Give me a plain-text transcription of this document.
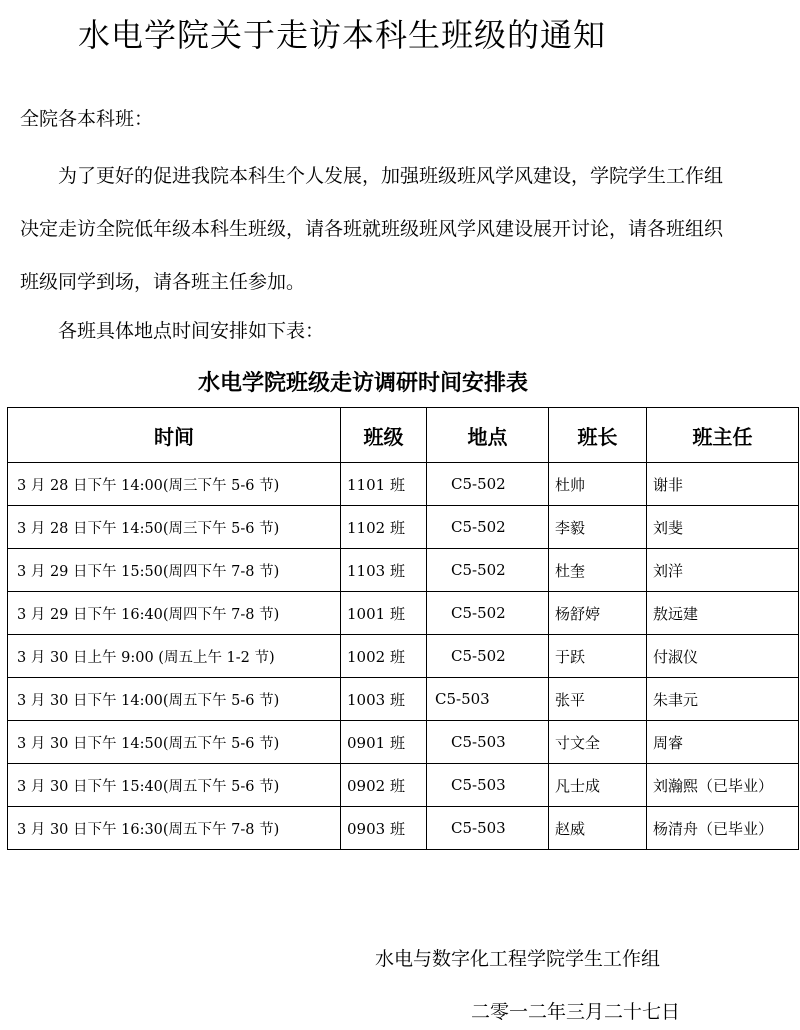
水电学院关于走访本科生班级的通知
全院各本科班：

为了更好的促进我院本科生个人发展，加强班级班风学风建设，学院学生工作组决定走访全院低年级本科生班级，请各班就班级班风学风建设展开讨论，请各班组织班级同学到场，请各班主任参加。

各班具体地点时间安排如下表：
水电学院班级走访调研时间安排表
时间	班级	地点	班长	班主任
3 月 28 日下午 14:00(周三下午 5-6 节)	1101 班	C5-502	杜帅	谢非
3 月 28 日下午 14:50(周三下午 5-6 节)	1102 班	C5-502	李毅	刘斐
3 月 29 日下午 15:50(周四下午 7-8 节)	1103 班	C5-502	杜奎	刘洋
3 月 29 日下午 16:40(周四下午 7-8 节)	1001 班	C5-502	杨舒婷	敖远建
3 月 30 日上午 9:00 (周五上午 1-2 节)	1002 班	C5-502	于跃	付淑仪
3 月 30 日下午 14:00(周五下午 5-6 节)	1003 班	C5-503	张平	朱聿元
3 月 30 日下午 14:50(周五下午 5-6 节)	0901 班	C5-503	寸文全	周睿
3 月 30 日下午 15:40(周五下午 5-6 节)	0902 班	C5-503	凡士成	刘瀚熙（已毕业）
3 月 30 日下午 16:30(周五下午 7-8 节)	0903 班	C5-503	赵威	杨清舟（已毕业）
水电与数字化工程学院学生工作组
二零一二年三月二十七日
